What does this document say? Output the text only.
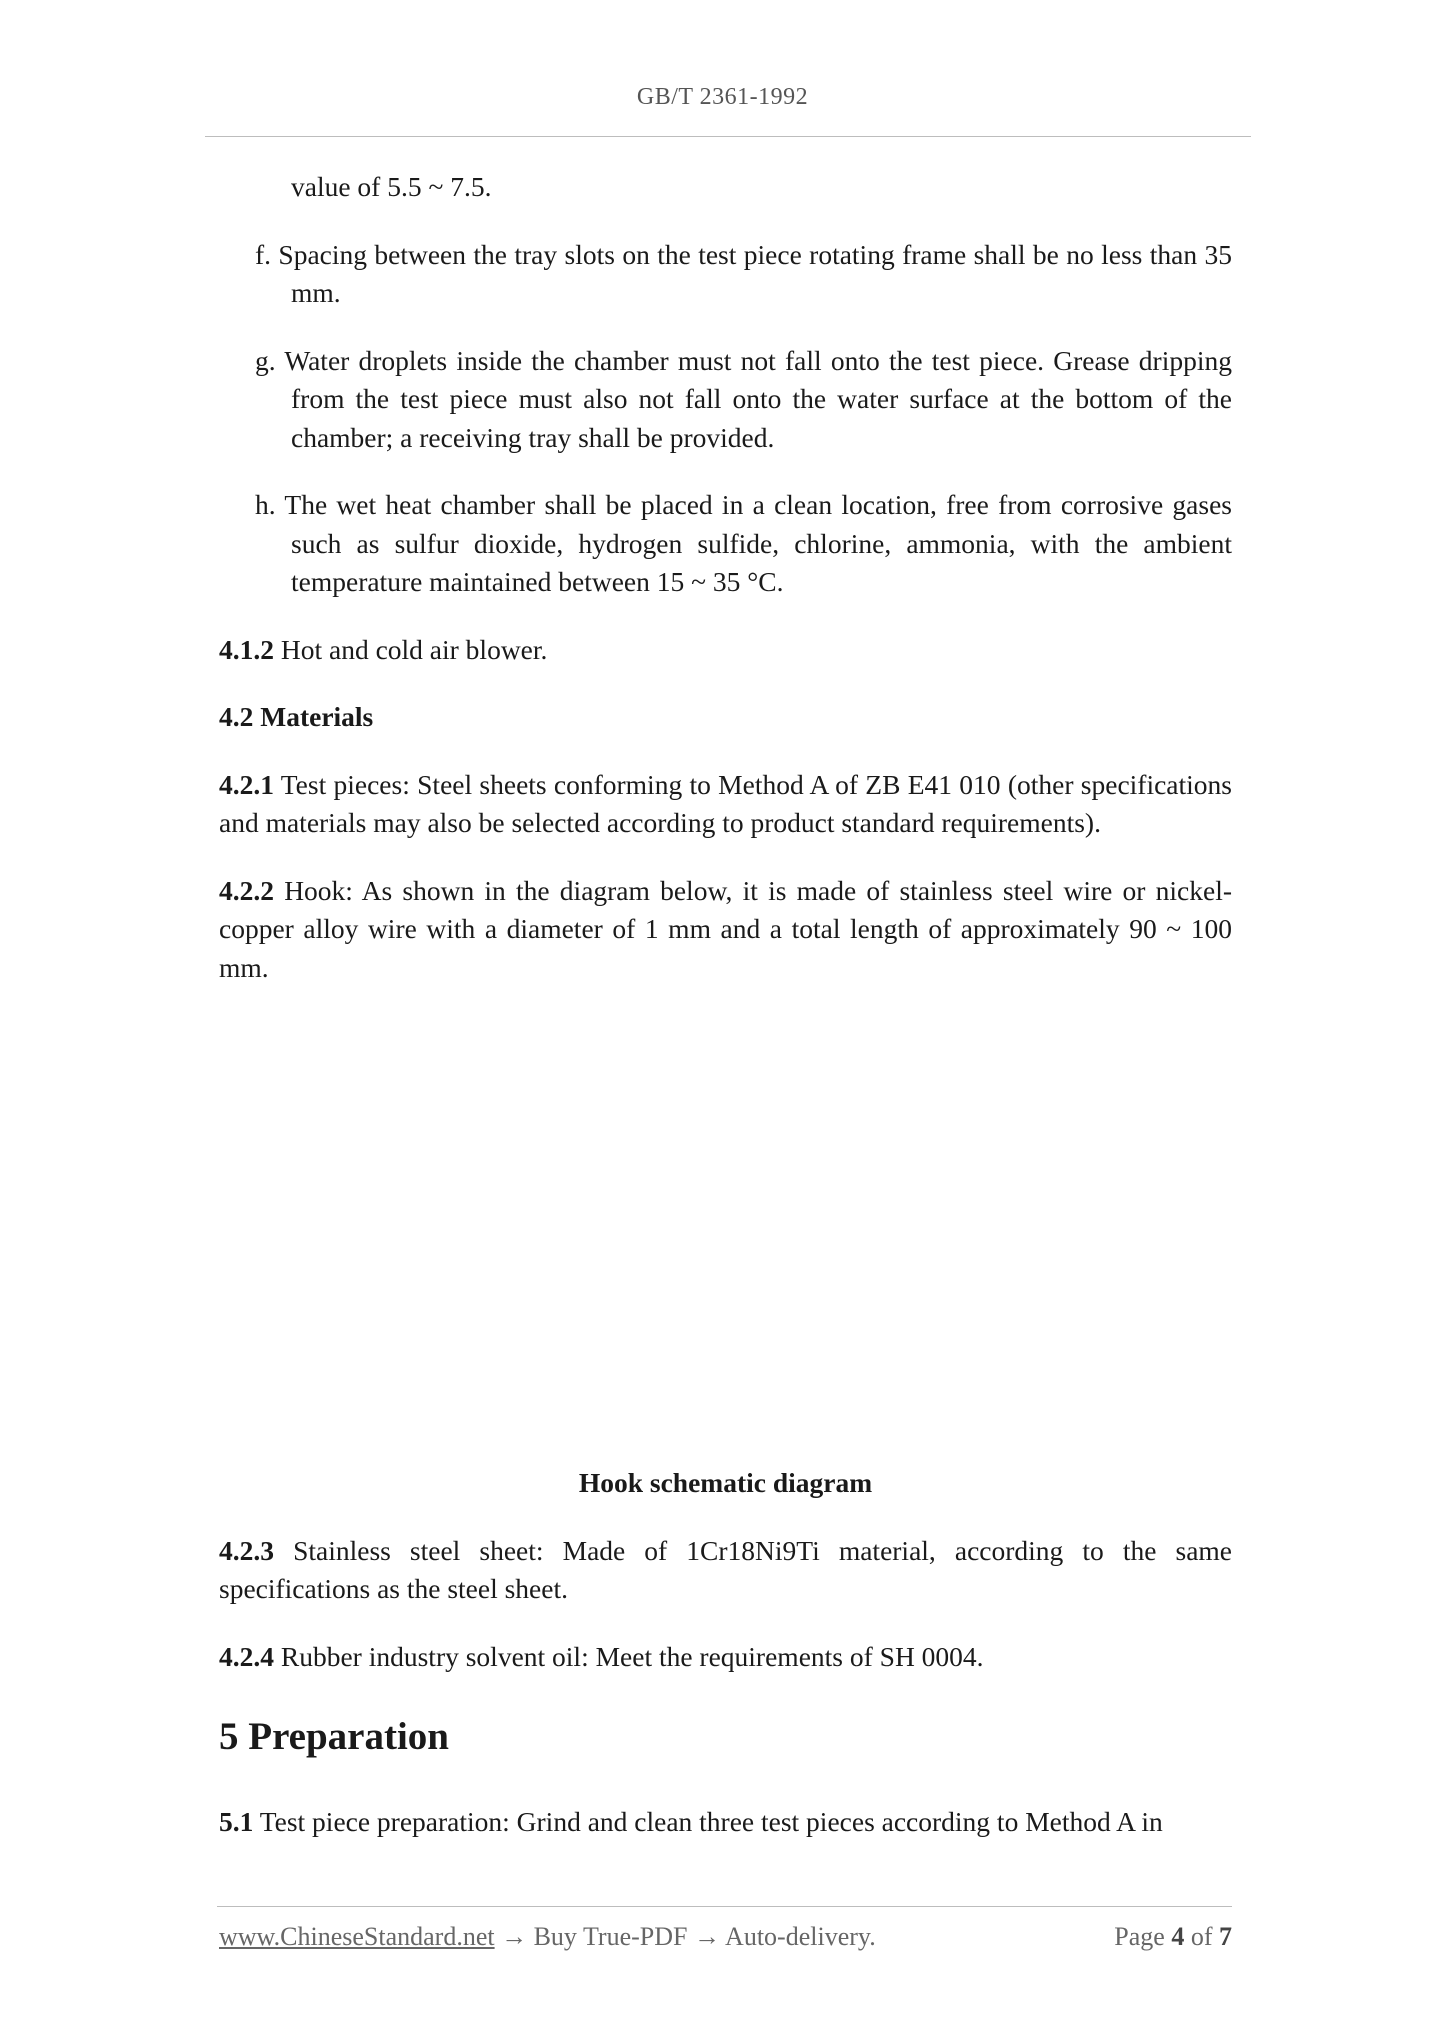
GB/T 2361-1992

value of 5.5 ~ 7.5.

f. Spacing between the tray slots on the test piece rotating frame shall be no less than 35 mm.

g. Water droplets inside the chamber must not fall onto the test piece. Grease dripping from the test piece must also not fall onto the water surface at the bottom of the chamber; a receiving tray shall be provided.

h. The wet heat chamber shall be placed in a clean location, free from corrosive gases such as sulfur dioxide, hydrogen sulfide, chlorine, ammonia, with the ambient temperature maintained between 15 ~ 35 °C.

4.1.2 Hot and cold air blower.

4.2 Materials

4.2.1 Test pieces: Steel sheets conforming to Method A of ZB E41 010 (other specifications and materials may also be selected according to product standard requirements).

4.2.2 Hook: As shown in the diagram below, it is made of stainless steel wire or nickel-copper alloy wire with a diameter of 1 mm and a total length of approximately 90 ~ 100 mm.

Hook schematic diagram

4.2.3 Stainless steel sheet: Made of 1Cr18Ni9Ti material, according to the same specifications as the steel sheet.

4.2.4 Rubber industry solvent oil: Meet the requirements of SH 0004.

5 Preparation

5.1 Test piece preparation: Grind and clean three test pieces according to Method A in

www.ChineseStandard.net → Buy True-PDF → Auto-delivery.	Page 4 of 7
